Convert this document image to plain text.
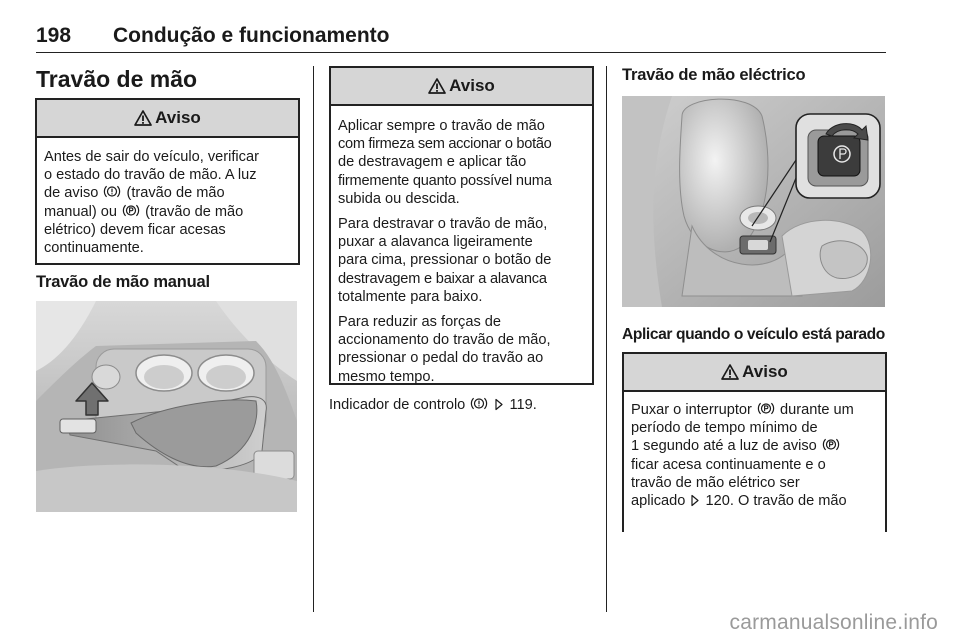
198 Condução e funcionamento
Travão de mão
Aviso
Antes de sair do veículo, verificar
o estado do travão de mão. A luz
de aviso (travão de mão
manual) ou (travão de mão
elétrico) devem ficar acesas
continuamente.
Travão de mão manual
Aviso

Aplicar sempre o travão de mão
com firmeza sem accionar o botão
de destravagem e aplicar tão
firmemente quanto possível numa
subida ou descida.

Para destravar o travão de mão,
puxar a alavanca ligeiramente
para cima, pressionar o botão de
destravagem e baixar a alavanca
totalmente para baixo.

Para reduzir as forças de
accionamento do travão de mão,
pressionar o pedal do travão ao
mesmo tempo.

Indicador de controlo	119.
Travão de mão eléctrico
Aplicar quando o veículo está parado
Aviso
Puxar o interruptor durante um
período de tempo mínimo de
1 segundo até a luz de aviso
ficar acesa continuamente e o
travão de mão elétrico ser
aplicado 120. O travão de mão
carmanualsonline.info
